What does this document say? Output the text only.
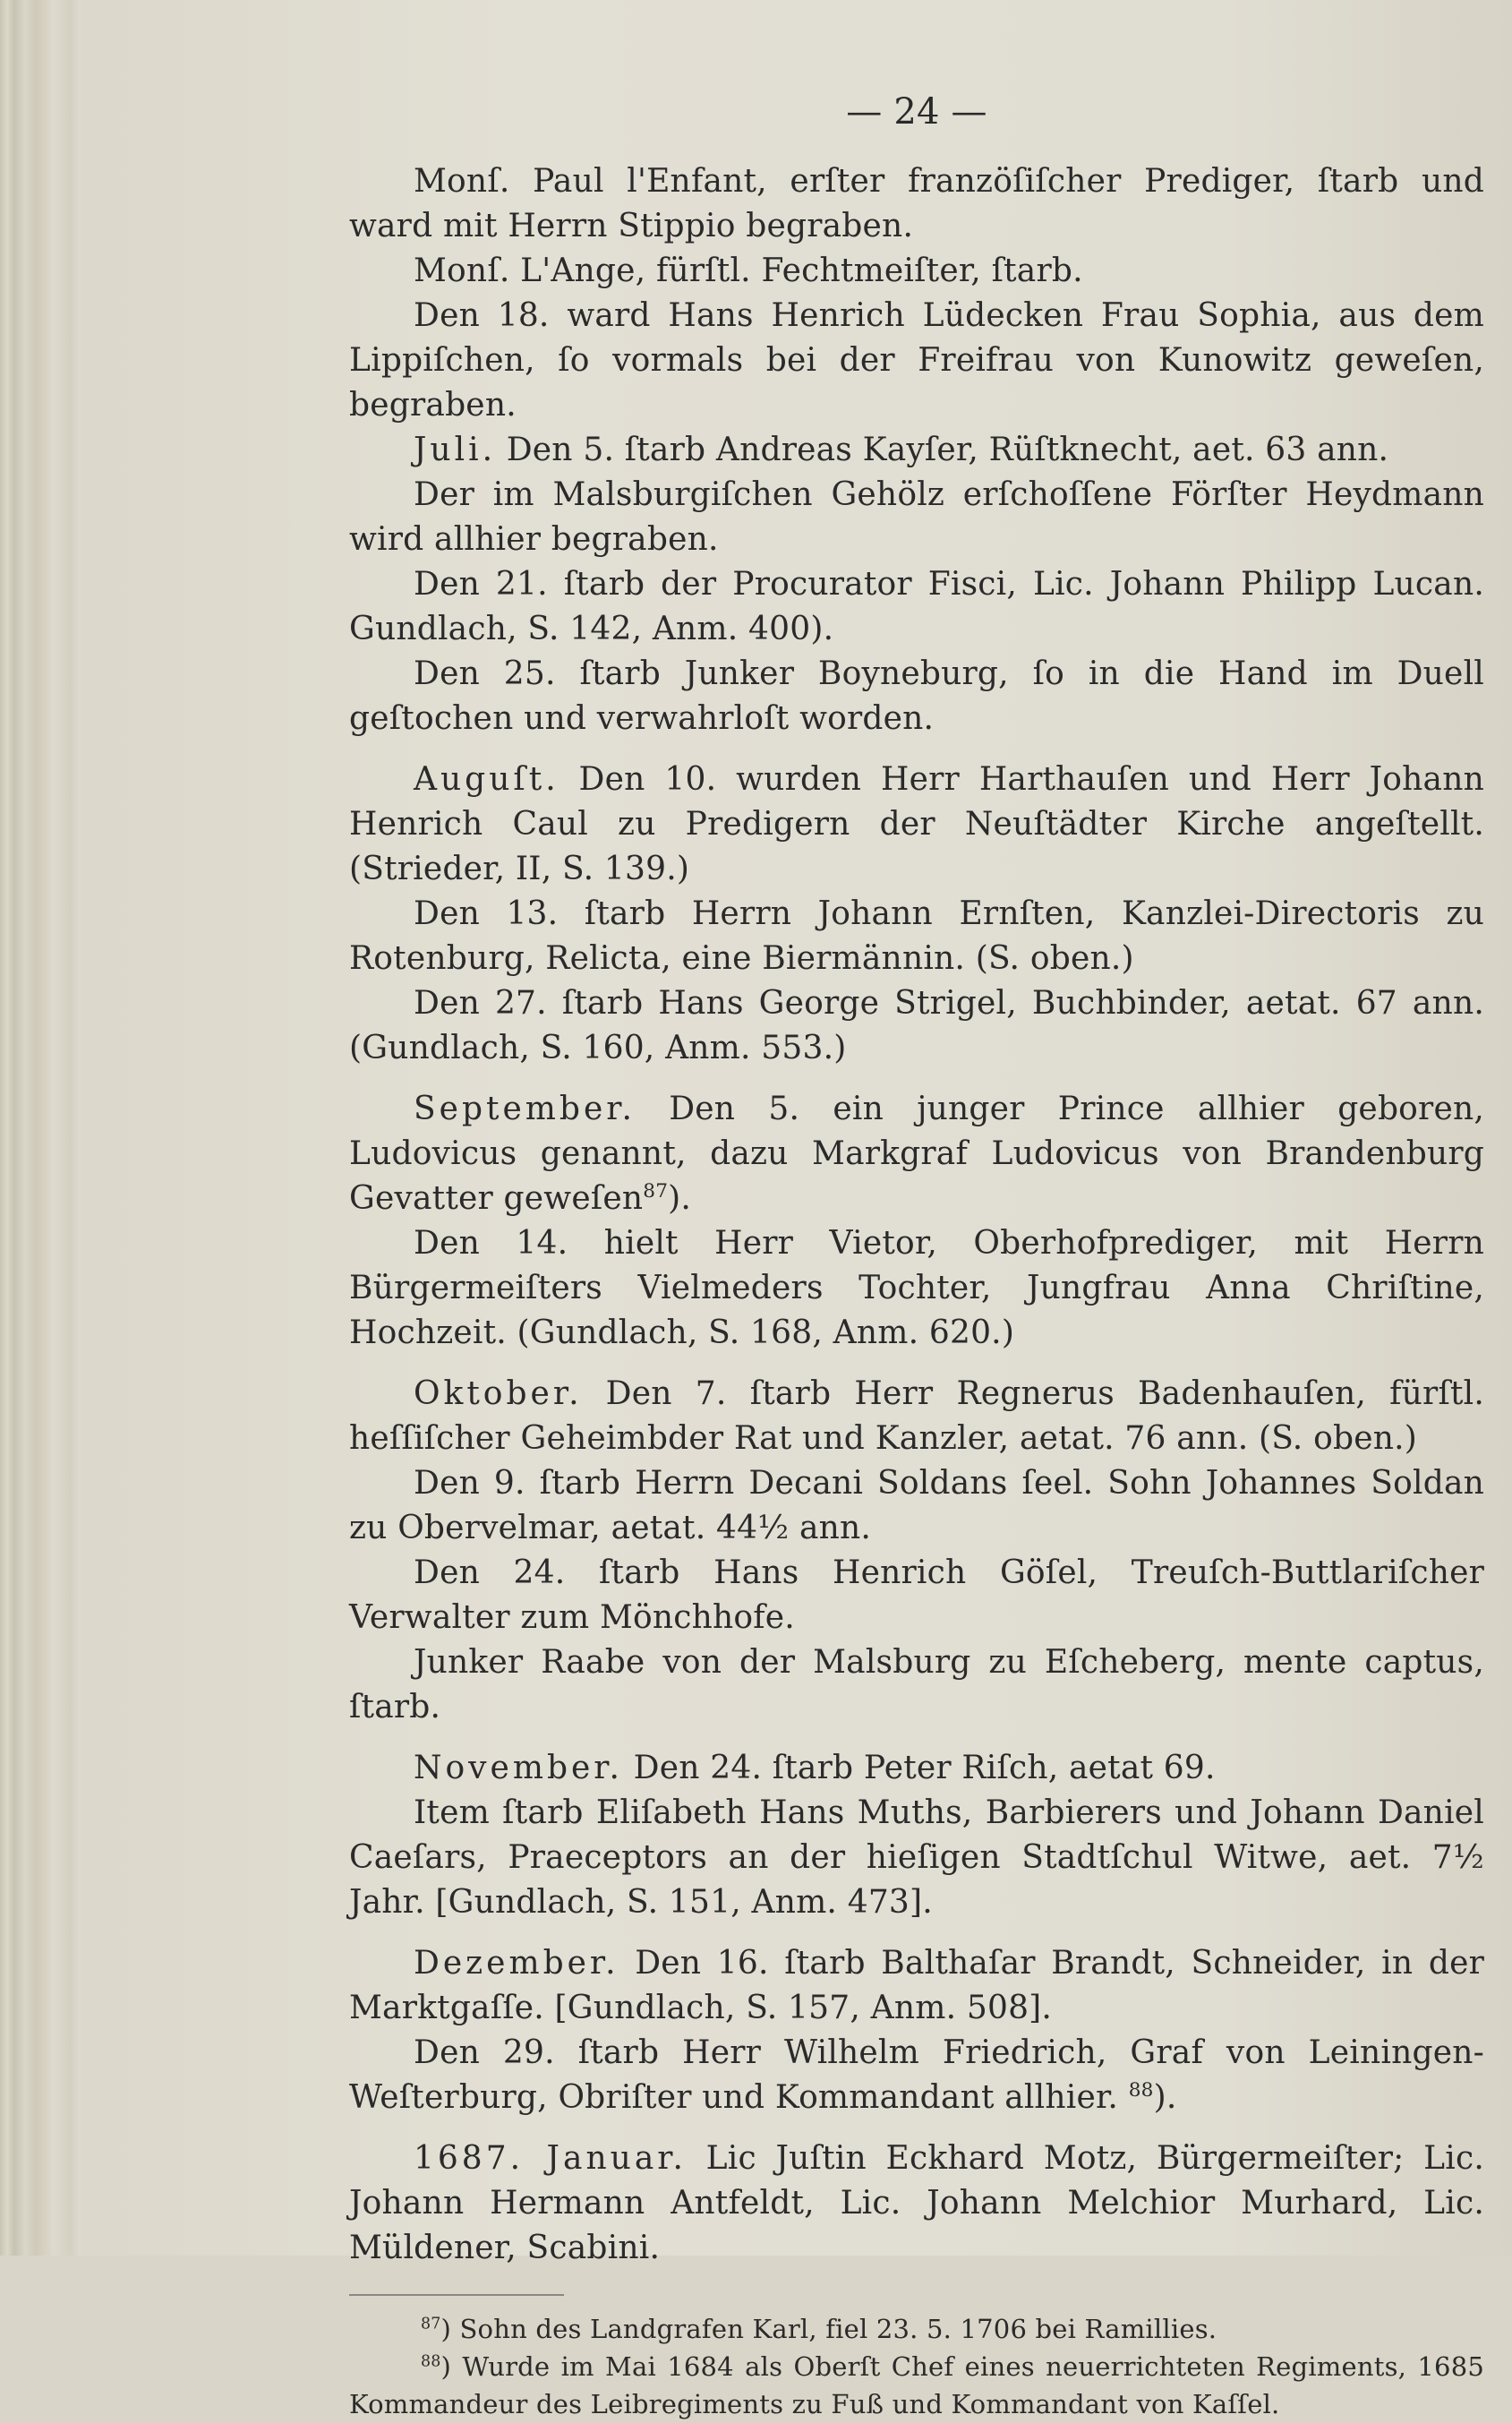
— 24 —

Monſ. Paul l'Enfant, erſter franzöſiſcher Prediger, ſtarb und ward mit Herrn Stippio begraben.

Monſ. L'Ange, fürſtl. Fechtmeiſter, ſtarb.

Den 18. ward Hans Henrich Lüdecken Frau Sophia, aus dem Lippiſchen, ſo vormals bei der Freifrau von Kunowitz geweſen, begraben.

Juli. Den 5. ſtarb Andreas Kayſer, Rüſtknecht, aet. 63 ann.

Der im Malsburgiſchen Gehölz erſchoſſene Förſter Heydmann wird allhier begraben.

Den 21. ſtarb der Procurator Fisci, Lic. Johann Philipp Lucan. Gundlach, S. 142, Anm. 400).

Den 25. ſtarb Junker Boyneburg, ſo in die Hand im Duell geſtochen und verwahrloſt worden.

Auguſt. Den 10. wurden Herr Harthauſen und Herr Johann Henrich Caul zu Predigern der Neuſtädter Kirche angeſtellt. (Strieder, II, S. 139.)

Den 13. ſtarb Herrn Johann Ernſten, Kanzlei-Directoris zu Rotenburg, Relicta, eine Biermännin. (S. oben.)

Den 27. ſtarb Hans George Strigel, Buchbinder, aetat. 67 ann. (Gundlach, S. 160, Anm. 553.)

September. Den 5. ein junger Prince allhier geboren, Ludovicus genannt, dazu Markgraf Ludovicus von Brandenburg Gevatter geweſen$^{87}$).

Den 14. hielt Herr Vietor, Oberhofprediger, mit Herrn Bürgermeiſters Vielmeders Tochter, Jungfrau Anna Chriſtine, Hochzeit. (Gundlach, S. 168, Anm. 620.)

Oktober. Den 7. ſtarb Herr Regnerus Badenhauſen, fürſtl. heſſiſcher Geheimbder Rat und Kanzler, aetat. 76 ann. (S. oben.)

Den 9. ſtarb Herrn Decani Soldans ſeel. Sohn Johannes Soldan zu Obervelmar, aetat. 44½ ann.

Den 24. ſtarb Hans Henrich Göſel, Treuſch-Buttlariſcher Verwalter zum Mönchhofe.

Junker Raabe von der Malsburg zu Eſcheberg, mente captus, ſtarb.

November. Den 24. ſtarb Peter Riſch, aetat 69.

Item ſtarb Eliſabeth Hans Muths, Barbierers und Johann Daniel Caeſars, Praeceptors an der hieſigen Stadtſchul Witwe, aet. 7½ Jahr. [Gundlach, S. 151, Anm. 473].

Dezember. Den 16. ſtarb Balthaſar Brandt, Schneider, in der Marktgaſſe. [Gundlach, S. 157, Anm. 508].

Den 29. ſtarb Herr Wilhelm Friedrich, Graf von Leiningen-Weſterburg, Obriſter und Kommandant allhier. $^{88}$).

1687. Januar. Lic Juſtin Eckhard Motz, Bürgermeiſter; Lic. Johann Hermann Antfeldt, Lic. Johann Melchior Murhard, Lic. Müldener, Scabini.

$^{87}$) Sohn des Landgrafen Karl, fiel 23. 5. 1706 bei Ramillies.

$^{88}$) Wurde im Mai 1684 als Oberſt Chef eines neuerrichteten Regiments, 1685 Kommandeur des Leibregiments zu Fuß und Kommandant von Kaſſel.
